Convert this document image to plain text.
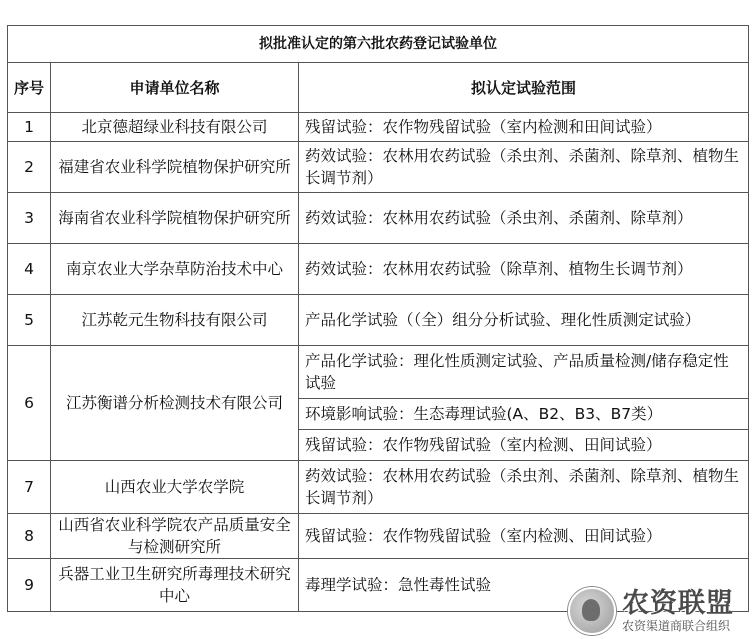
拟批准认定的第六批农药登记试验单位		
序号	申请单位名称	拟认定试验范围
1	北京德超绿业科技有限公司	残留试验：农作物残留试验（室内检测和田间试验）
2	福建省农业科学院植物保护研究所	药效试验：农林用农药试验（杀虫剂、杀菌剂、除草剂、植物生长调节剂）
3	海南省农业科学院植物保护研究所	药效试验：农林用农药试验（杀虫剂、杀菌剂、除草剂）
4	南京农业大学杂草防治技术中心	药效试验：农林用农药试验（除草剂、植物生长调节剂）
5	江苏乾元生物科技有限公司	产品化学试验（（全）组分分析试验、理化性质测定试验）
6	江苏衡谱分析检测技术有限公司	产品化学试验：理化性质测定试验、产品质量检测/储存稳定性试验
		环境影响试验：生态毒理试验(A、B2、B3、B7类）
		残留试验：农作物残留试验（室内检测、田间试验）
7	山西农业大学农学院	药效试验：农林用农药试验（杀虫剂、杀菌剂、除草剂、植物生长调节剂）
8	山西省农业科学院农产品质量安全与检测研究所	残留试验：农作物残留试验（室内检测、田间试验）
9	兵器工业卫生研究所毒理技术研究中心	毒理学试验：急性毒性试验
农资联盟
农资渠道商联合组织
